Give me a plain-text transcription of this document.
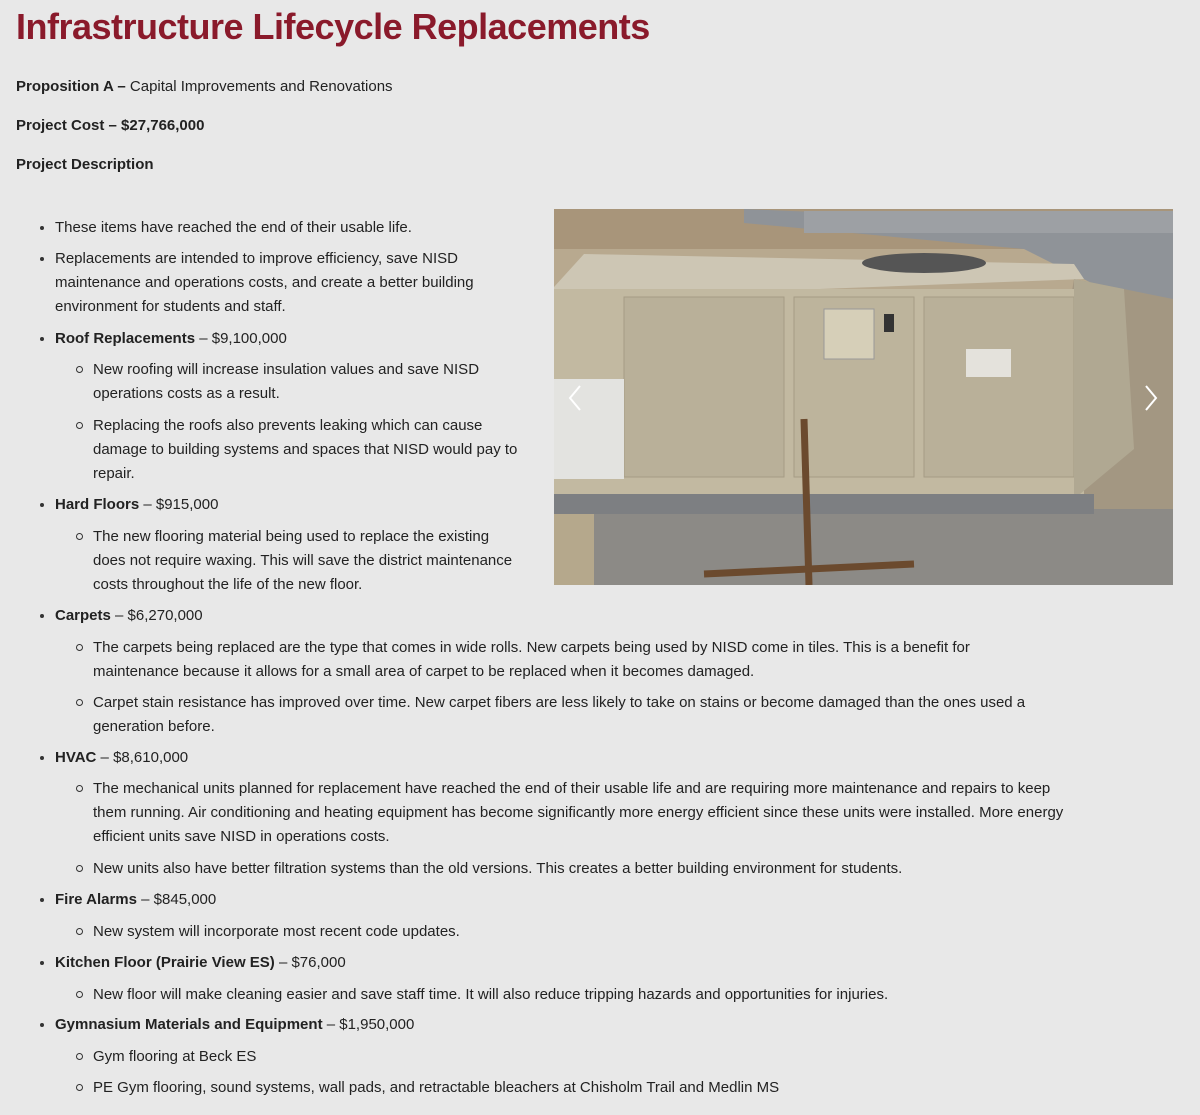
Infrastructure Lifecycle Replacements

Proposition A – Capital Improvements and Renovations

Project Cost – $27,766,000

Project Description

These items have reached the end of their usable life.
Replacements are intended to improve efficiency, save NISD maintenance and operations costs, and create a better building environment for students and staff.
Roof Replacements – $9,100,000
New roofing will increase insulation values and save NISD operations costs as a result.
Replacing the roofs also prevents leaking which can cause damage to building systems and spaces that NISD would pay to repair.
Hard Floors – $915,000
The new flooring material being used to replace the existing does not require waxing. This will save the district maintenance costs throughout the life of the new floor.
Carpets – $6,270,000
The carpets being replaced are the type that comes in wide rolls. New carpets being used by NISD come in tiles. This is a benefit for maintenance because it allows for a small area of carpet to be replaced when it becomes damaged.
Carpet stain resistance has improved over time. New carpet fibers are less likely to take on stains or become damaged than the ones used a generation before.
HVAC – $8,610,000
The mechanical units planned for replacement have reached the end of their usable life and are requiring more maintenance and repairs to keep them running. Air conditioning and heating equipment has become significantly more energy efficient since these units were installed. More energy efficient units save NISD in operations costs.
New units also have better filtration systems than the old versions. This creates a better building environment for students.
Fire Alarms – $845,000
New system will incorporate most recent code updates.
Kitchen Floor (Prairie View ES) – $76,000
New floor will make cleaning easier and save staff time. It will also reduce tripping hazards and opportunities for injuries.
Gymnasium Materials and Equipment – $1,950,000
Gym flooring at Beck ES
PE Gym flooring, sound systems, wall pads, and retractable bleachers at Chisholm Trail and Medlin MS
